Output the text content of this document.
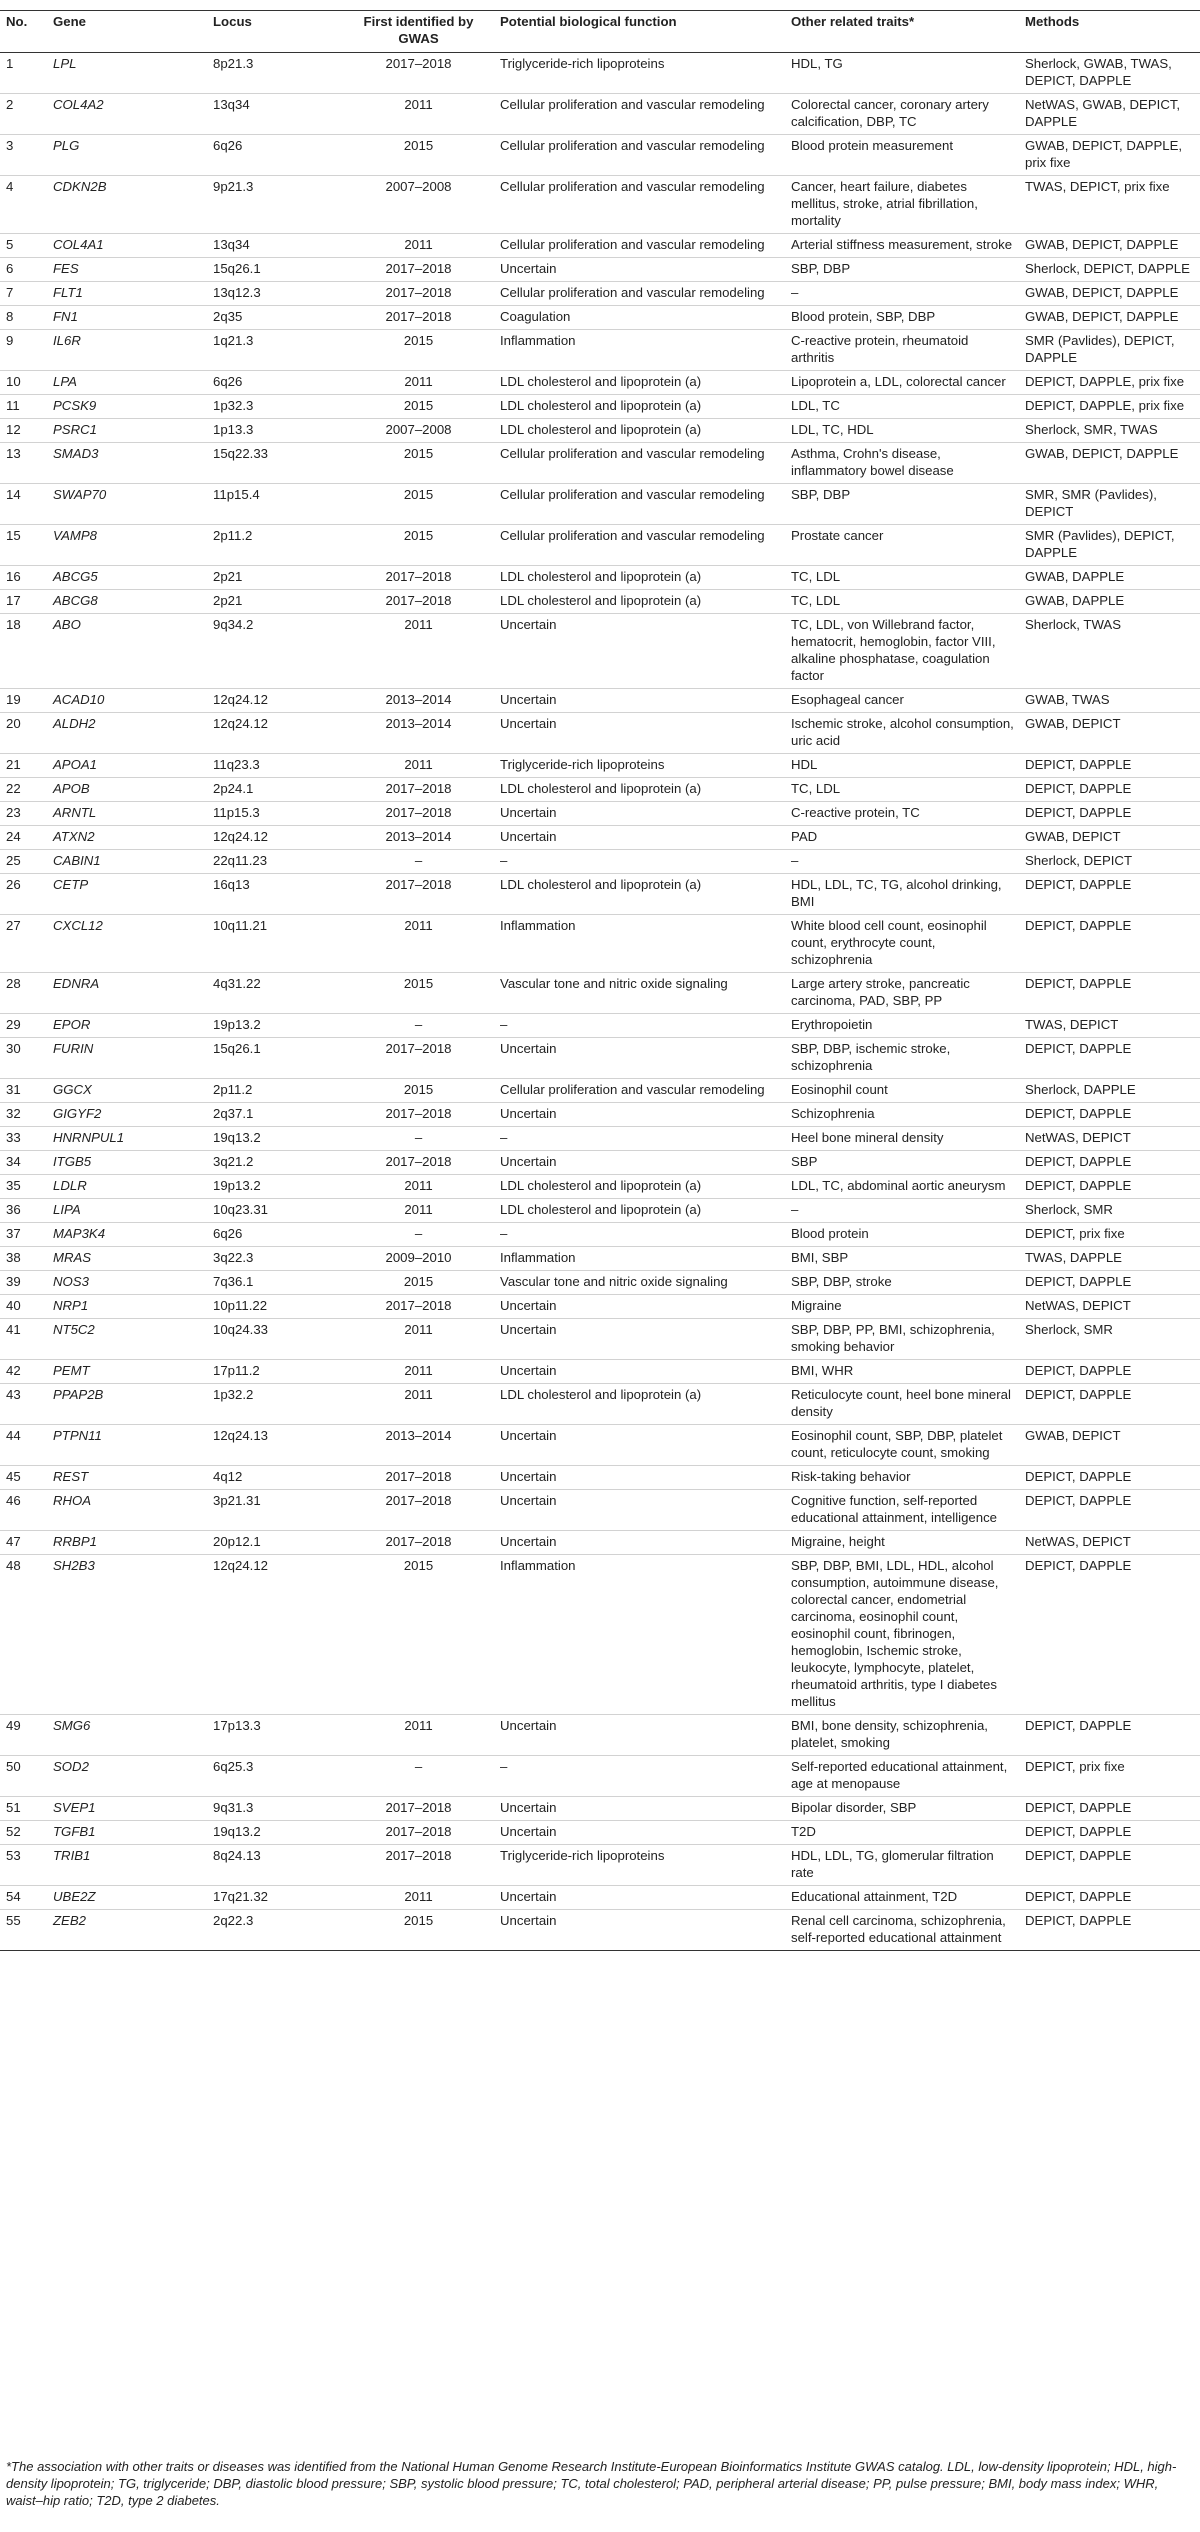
No.	Gene	Locus	First identified by GWAS	Potential biological function	Other related traits*	Methods
1	LPL	8p21.3	2017–2018	Triglyceride-rich lipoproteins	HDL, TG	Sherlock, GWAB, TWAS, DEPICT, DAPPLE
2	COL4A2	13q34	2011	Cellular proliferation and vascular remodeling	Colorectal cancer, coronary artery calcification, DBP, TC	NetWAS, GWAB, DEPICT, DAPPLE
3	PLG	6q26	2015	Cellular proliferation and vascular remodeling	Blood protein measurement	GWAB, DEPICT, DAPPLE, prix fixe
4	CDKN2B	9p21.3	2007–2008	Cellular proliferation and vascular remodeling	Cancer, heart failure, diabetes mellitus, stroke, atrial fibrillation, mortality	TWAS, DEPICT, prix fixe
5	COL4A1	13q34	2011	Cellular proliferation and vascular remodeling	Arterial stiffness measurement, stroke	GWAB, DEPICT, DAPPLE
6	FES	15q26.1	2017–2018	Uncertain	SBP, DBP	Sherlock, DEPICT, DAPPLE
7	FLT1	13q12.3	2017–2018	Cellular proliferation and vascular remodeling	–	GWAB, DEPICT, DAPPLE
8	FN1	2q35	2017–2018	Coagulation	Blood protein, SBP, DBP	GWAB, DEPICT, DAPPLE
9	IL6R	1q21.3	2015	Inflammation	C-reactive protein, rheumatoid arthritis	SMR (Pavlides), DEPICT, DAPPLE
10	LPA	6q26	2011	LDL cholesterol and lipoprotein (a)	Lipoprotein a, LDL, colorectal cancer	DEPICT, DAPPLE, prix fixe
11	PCSK9	1p32.3	2015	LDL cholesterol and lipoprotein (a)	LDL, TC	DEPICT, DAPPLE, prix fixe
12	PSRC1	1p13.3	2007–2008	LDL cholesterol and lipoprotein (a)	LDL, TC, HDL	Sherlock, SMR, TWAS
13	SMAD3	15q22.33	2015	Cellular proliferation and vascular remodeling	Asthma, Crohn's disease, inflammatory bowel disease	GWAB, DEPICT, DAPPLE
14	SWAP70	11p15.4	2015	Cellular proliferation and vascular remodeling	SBP, DBP	SMR, SMR (Pavlides), DEPICT
15	VAMP8	2p11.2	2015	Cellular proliferation and vascular remodeling	Prostate cancer	SMR (Pavlides), DEPICT, DAPPLE
16	ABCG5	2p21	2017–2018	LDL cholesterol and lipoprotein (a)	TC, LDL	GWAB, DAPPLE
17	ABCG8	2p21	2017–2018	LDL cholesterol and lipoprotein (a)	TC, LDL	GWAB, DAPPLE
18	ABO	9q34.2	2011	Uncertain	TC, LDL, von Willebrand factor, hematocrit, hemoglobin, factor VIII, alkaline phosphatase, coagulation factor	Sherlock, TWAS
19	ACAD10	12q24.12	2013–2014	Uncertain	Esophageal cancer	GWAB, TWAS
20	ALDH2	12q24.12	2013–2014	Uncertain	Ischemic stroke, alcohol consumption, uric acid	GWAB, DEPICT
21	APOA1	11q23.3	2011	Triglyceride-rich lipoproteins	HDL	DEPICT, DAPPLE
22	APOB	2p24.1	2017–2018	LDL cholesterol and lipoprotein (a)	TC, LDL	DEPICT, DAPPLE
23	ARNTL	11p15.3	2017–2018	Uncertain	C-reactive protein, TC	DEPICT, DAPPLE
24	ATXN2	12q24.12	2013–2014	Uncertain	PAD	GWAB, DEPICT
25	CABIN1	22q11.23	–	–	–	Sherlock, DEPICT
26	CETP	16q13	2017–2018	LDL cholesterol and lipoprotein (a)	HDL, LDL, TC, TG, alcohol drinking, BMI	DEPICT, DAPPLE
27	CXCL12	10q11.21	2011	Inflammation	White blood cell count, eosinophil count, erythrocyte count, schizophrenia	DEPICT, DAPPLE
28	EDNRA	4q31.22	2015	Vascular tone and nitric oxide signaling	Large artery stroke, pancreatic carcinoma, PAD, SBP, PP	DEPICT, DAPPLE
29	EPOR	19p13.2	–	–	Erythropoietin	TWAS, DEPICT
30	FURIN	15q26.1	2017–2018	Uncertain	SBP, DBP, ischemic stroke, schizophrenia	DEPICT, DAPPLE
31	GGCX	2p11.2	2015	Cellular proliferation and vascular remodeling	Eosinophil count	Sherlock, DAPPLE
32	GIGYF2	2q37.1	2017–2018	Uncertain	Schizophrenia	DEPICT, DAPPLE
33	HNRNPUL1	19q13.2	–	–	Heel bone mineral density	NetWAS, DEPICT
34	ITGB5	3q21.2	2017–2018	Uncertain	SBP	DEPICT, DAPPLE
35	LDLR	19p13.2	2011	LDL cholesterol and lipoprotein (a)	LDL, TC, abdominal aortic aneurysm	DEPICT, DAPPLE
36	LIPA	10q23.31	2011	LDL cholesterol and lipoprotein (a)	–	Sherlock, SMR
37	MAP3K4	6q26	–	–	Blood protein	DEPICT, prix fixe
38	MRAS	3q22.3	2009–2010	Inflammation	BMI, SBP	TWAS, DAPPLE
39	NOS3	7q36.1	2015	Vascular tone and nitric oxide signaling	SBP, DBP, stroke	DEPICT, DAPPLE
40	NRP1	10p11.22	2017–2018	Uncertain	Migraine	NetWAS, DEPICT
41	NT5C2	10q24.33	2011	Uncertain	SBP, DBP, PP, BMI, schizophrenia, smoking behavior	Sherlock, SMR
42	PEMT	17p11.2	2011	Uncertain	BMI, WHR	DEPICT, DAPPLE
43	PPAP2B	1p32.2	2011	LDL cholesterol and lipoprotein (a)	Reticulocyte count, heel bone mineral density	DEPICT, DAPPLE
44	PTPN11	12q24.13	2013–2014	Uncertain	Eosinophil count, SBP, DBP, platelet count, reticulocyte count, smoking	GWAB, DEPICT
45	REST	4q12	2017–2018	Uncertain	Risk-taking behavior	DEPICT, DAPPLE
46	RHOA	3p21.31	2017–2018	Uncertain	Cognitive function, self-reported educational attainment, intelligence	DEPICT, DAPPLE
47	RRBP1	20p12.1	2017–2018	Uncertain	Migraine, height	NetWAS, DEPICT
48	SH2B3	12q24.12	2015	Inflammation	SBP, DBP, BMI, LDL, HDL, alcohol consumption, autoimmune disease, colorectal cancer, endometrial carcinoma, eosinophil count, eosinophil count, fibrinogen, hemoglobin, Ischemic stroke, leukocyte, lymphocyte, platelet, rheumatoid arthritis, type I diabetes mellitus	DEPICT, DAPPLE
49	SMG6	17p13.3	2011	Uncertain	BMI, bone density, schizophrenia, platelet, smoking	DEPICT, DAPPLE
50	SOD2	6q25.3	–	–	Self-reported educational attainment, age at menopause	DEPICT, prix fixe
51	SVEP1	9q31.3	2017–2018	Uncertain	Bipolar disorder, SBP	DEPICT, DAPPLE
52	TGFB1	19q13.2	2017–2018	Uncertain	T2D	DEPICT, DAPPLE
53	TRIB1	8q24.13	2017–2018	Triglyceride-rich lipoproteins	HDL, LDL, TG, glomerular filtration rate	DEPICT, DAPPLE
54	UBE2Z	17q21.32	2011	Uncertain	Educational attainment, T2D	DEPICT, DAPPLE
55	ZEB2	2q22.3	2015	Uncertain	Renal cell carcinoma, schizophrenia, self-reported educational attainment	DEPICT, DAPPLE
*The association with other traits or diseases was identified from the National Human Genome Research Institute-European Bioinformatics Institute GWAS catalog. LDL, low-density lipoprotein; HDL, high-density lipoprotein; TG, triglyceride; DBP, diastolic blood pressure; SBP, systolic blood pressure; TC, total cholesterol; PAD, peripheral arterial disease; PP, pulse pressure; BMI, body mass index; WHR, waist–hip ratio; T2D, type 2 diabetes.
